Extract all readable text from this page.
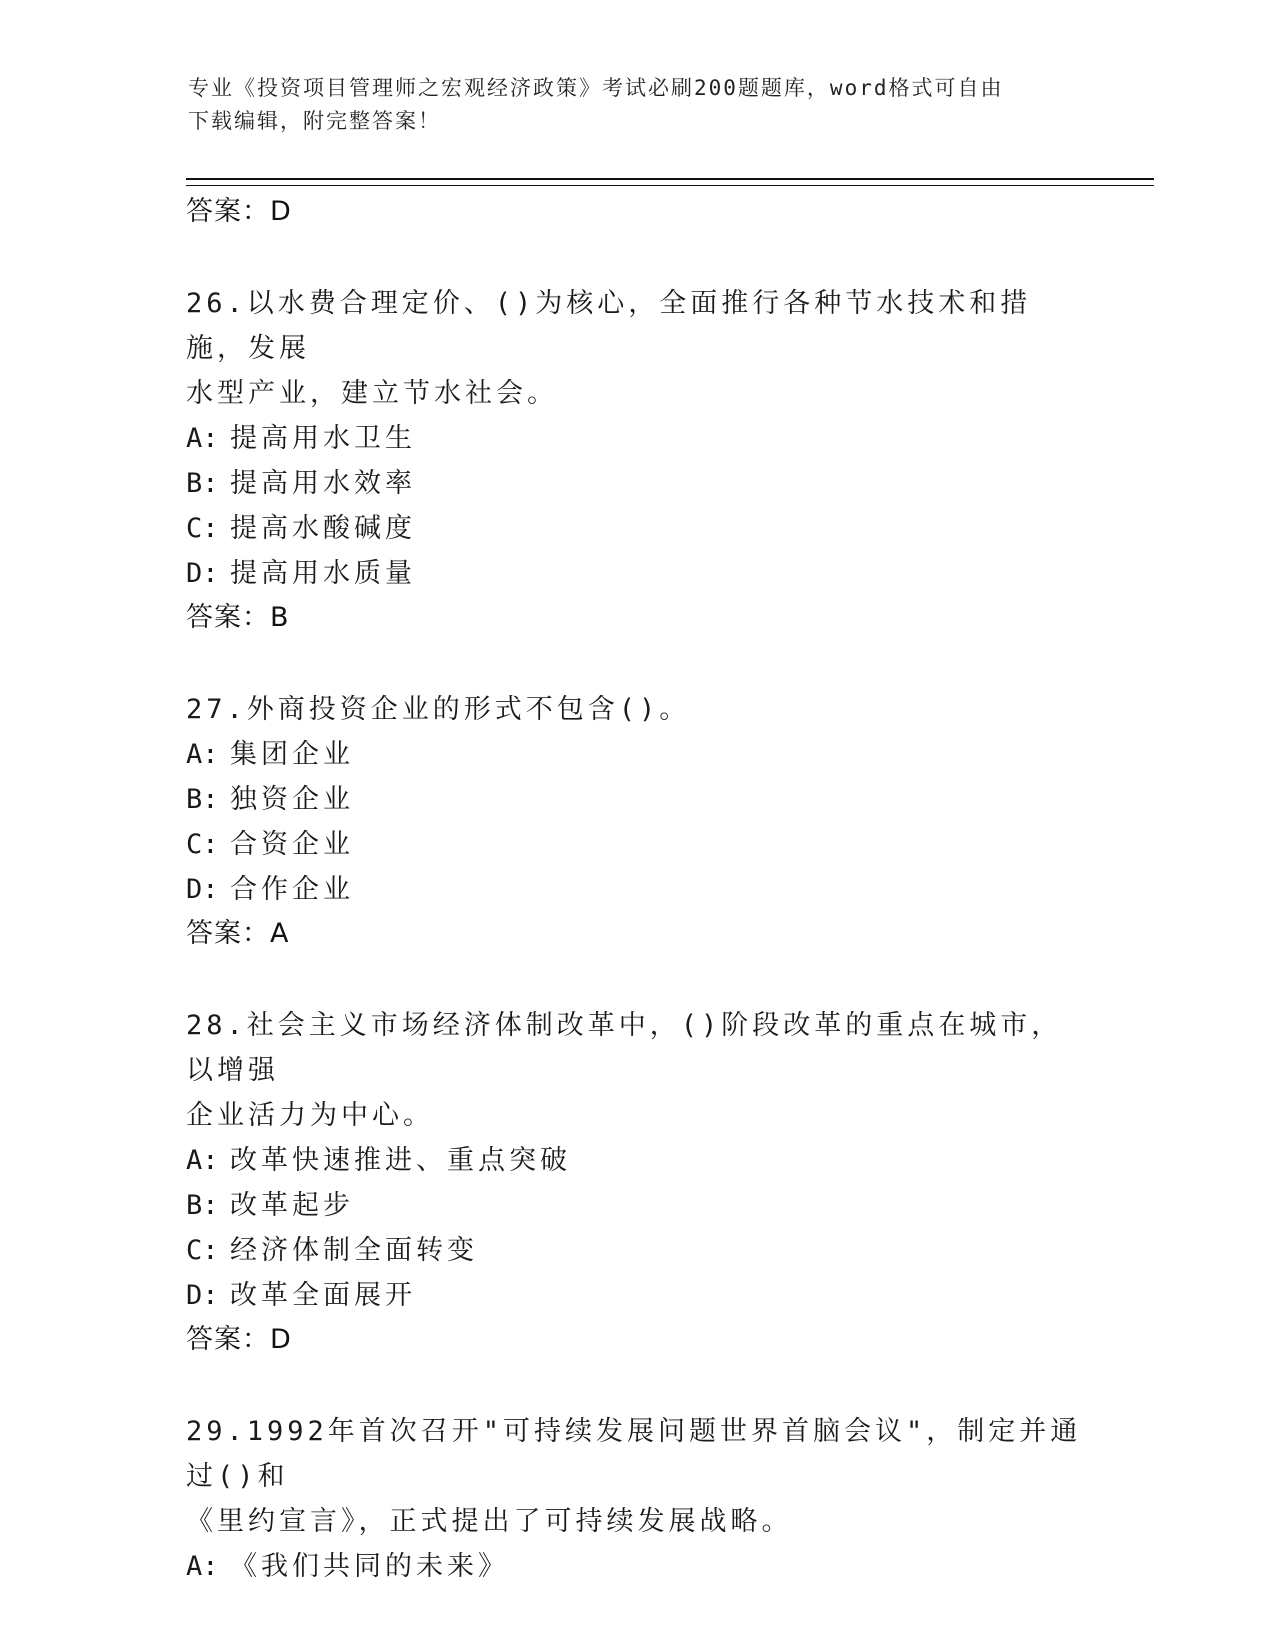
专业《投资项目管理师之宏观经济政策》考试必刷200题题库，word格式可自由
下载编辑，附完整答案！
答案：D
26.以水费合理定价、()为核心，全面推行各种节水技术和措施，发展
水型产业，建立节水社会。
A: 提高用水卫生
B: 提高用水效率
C: 提高水酸碱度
D: 提高用水质量
答案：B
27.外商投资企业的形式不包含()。
A: 集团企业
B: 独资企业
C: 合资企业
D: 合作企业
答案：A
28.社会主义市场经济体制改革中，()阶段改革的重点在城市，以增强
企业活力为中心。
A: 改革快速推进、重点突破
B: 改革起步
C: 经济体制全面转变
D: 改革全面展开
答案：D
29.1992年首次召开"可持续发展问题世界首脑会议"，制定并通过()和
《里约宣言》，正式提出了可持续发展战略。
A: 《我们共同的未来》
